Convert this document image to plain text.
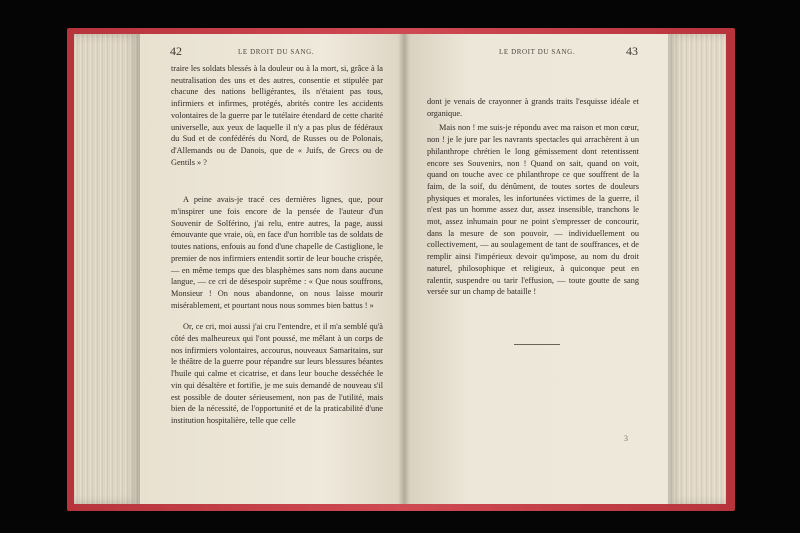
42	LE DROIT DU SANG.

traire les soldats blessés à la douleur ou à la mort, si, grâce à la neutralisation des uns et des autres, consentie et stipulée par chacune des nations belligérantes, ils n'étaient pas tous, infirmiers et infirmes, protégés, abrités contre les accidents volontaires de la guerre par le tutélaire étendard de cette charité universelle, aux yeux de laquelle il n'y a pas plus de fédéraux du Sud et de confédérés du Nord, de Russes ou de Polonais, d'Allemands ou de Danois, que de « Juifs, de Grecs ou de Gentils » ?

A peine avais-je tracé ces dernières lignes, que, pour m'inspirer une fois encore de la pensée de l'auteur d'un Souvenir de Solférino, j'ai relu, entre autres, la page, aussi émouvante que vraie, où, en face d'un horrible tas de soldats de toutes nations, enfouis au fond d'une chapelle de Castiglione, le premier de nos infirmiers entendit sortir de leur bouche crispée, — en même temps que des blasphèmes sans nom dans aucune langue, — ce cri de désespoir suprême : « Que nous souffrons, Monsieur ! On nous abandonne, on nous laisse mourir misérablement, et pourtant nous nous sommes bien battus ! »

Or, ce cri, moi aussi j'ai cru l'entendre, et il m'a semblé qu'à côté des malheureux qui l'ont poussé, me mêlant à un corps de nos infirmiers volontaires, accourus, nouveaux Samaritains, sur le théâtre de la guerre pour répandre sur leurs blessures béantes l'huile qui calme et cicatrise, et dans leur bouche desséchée le vin qui désaltère et fortifie, je me suis demandé de nouveau s'il est possible de douter sérieusement, non pas de l'utilité, mais bien de la nécessité, de l'opportunité et de la praticabilité d'une institution hospitalière, telle que celle

LE DROIT DU SANG.	43

dont je venais de crayonner à grands traits l'esquisse idéale et organique.

Mais non ! me suis-je répondu avec ma raison et mon cœur, non ! je le jure par les navrants spectacles qui arrachèrent à un philanthrope chrétien le long gémissement dont retentissent encore ses Souvenirs, non ! Quand on sait, quand on voit, quand on touche avec ce philanthrope ce que souffrent de la faim, de la soif, du dénûment, de toutes sortes de douleurs physiques et morales, les infortunées victimes de la guerre, il n'est pas un homme assez dur, assez insensible, tranchons le mot, assez inhumain pour ne point s'empresser de concourir, dans la mesure de son pouvoir, — individuellement ou collectivement, — au soulagement de tant de souffrances, et de remplir ainsi l'impérieux devoir qu'impose, au nom du droit naturel, philosophique et religieux, à quiconque peut en ralentir, suspendre ou tarir l'effusion, — toute goutte de sang versée sur un champ de bataille !

3
